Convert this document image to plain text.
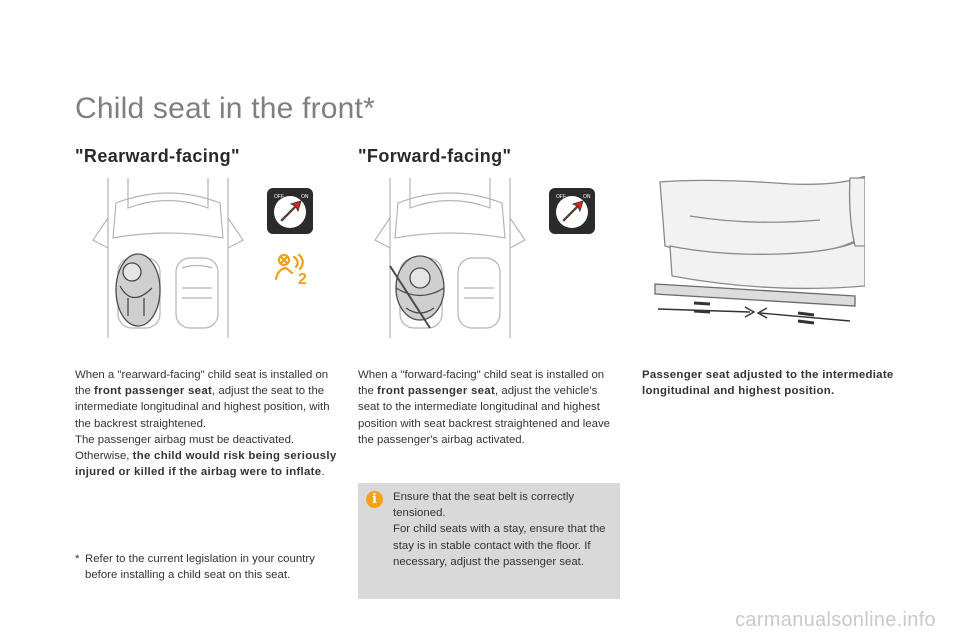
Child seat in the front*
"Rearward-facing"	"Forward-facing"
OFF	ON
2
OFF	ON
When a "rearward-facing" child seat is installed on the front passenger seat, adjust the seat to the intermediate longitudinal and highest position, with the backrest straightened.
The passenger airbag must be deactivated.
Otherwise, the child would risk being seriously injured or killed if the airbag were to inflate.
When a "forward-facing" child seat is installed on the front passenger seat, adjust the vehicle's seat to the intermediate longitudinal and highest position with seat backrest straightened and leave the passenger's airbag activated.
Passenger seat adjusted to the intermediate longitudinal and highest position.
i	Ensure that the seat belt is correctly tensioned.
For child seats with a stay, ensure that the stay is in stable contact with the floor. If necessary, adjust the passenger seat.
* Refer to the current legislation in your country before installing a child seat on this seat.
carmanualsonline.info
